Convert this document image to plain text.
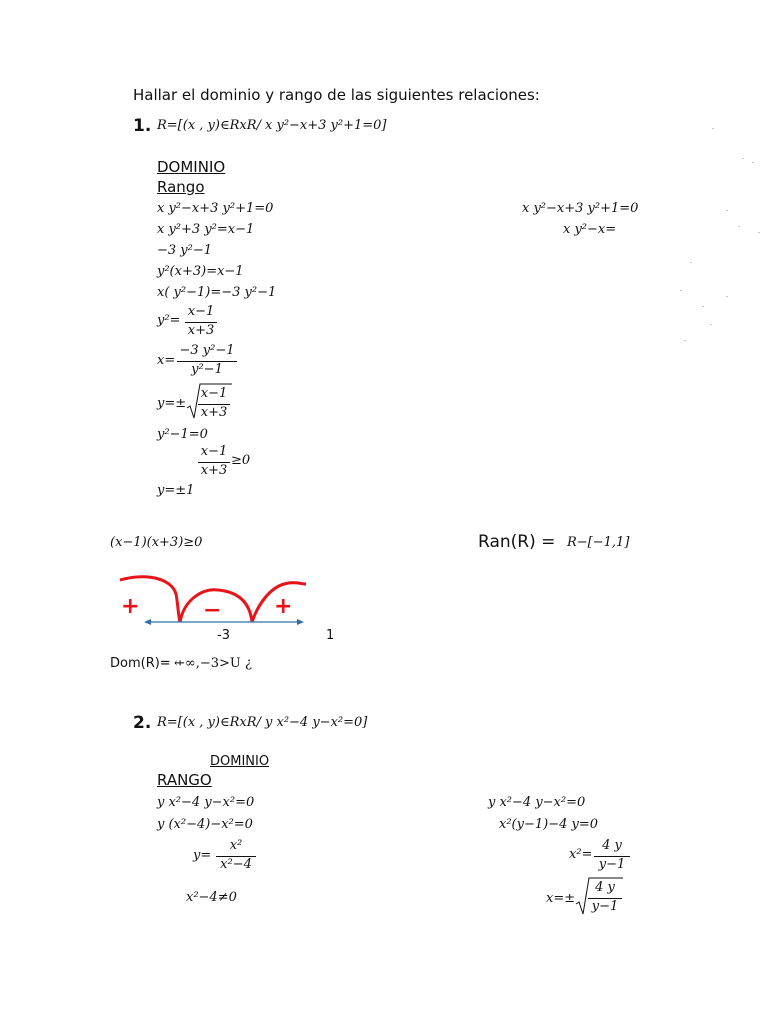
Hallar el dominio y rango de las siguientes relaciones:
1. R=[(x , y)∈RxR/ x y²−x+3 y²+1=0]
DOMINIO
Rango
x y²−x+3 y²+1=0
x y²+3 y²=x−1
−3 y²−1
y²(x+3)=x−1
x( y²−1)=−3 y²−1
y²=
x−1
x+3
x=
−3 y²−1
y²−1
y=±
x−1
x+3
y²−1=0
x−1
x+3
≥0
y=±1
x y²−x+3 y²+1=0
x y²−x=
(x−1)(x+3)≥0	Ran(R) = R−[−1,1]
+	− +
-3	1
Dom(R)= ⇷∞,−3>U ¿
2. R=[(x , y)∈RxR/ y x²−4 y−x²=0]
DOMINIO
RANGO
y x²−4 y−x²=0
y (x²−4)−x²=0
y=
x²
x²−4
x²−4≠0
y x²−4 y−x²=0
x²(y−1)−4 y=0
x²=
4 y
y−1
x=±
4 y
y−1
